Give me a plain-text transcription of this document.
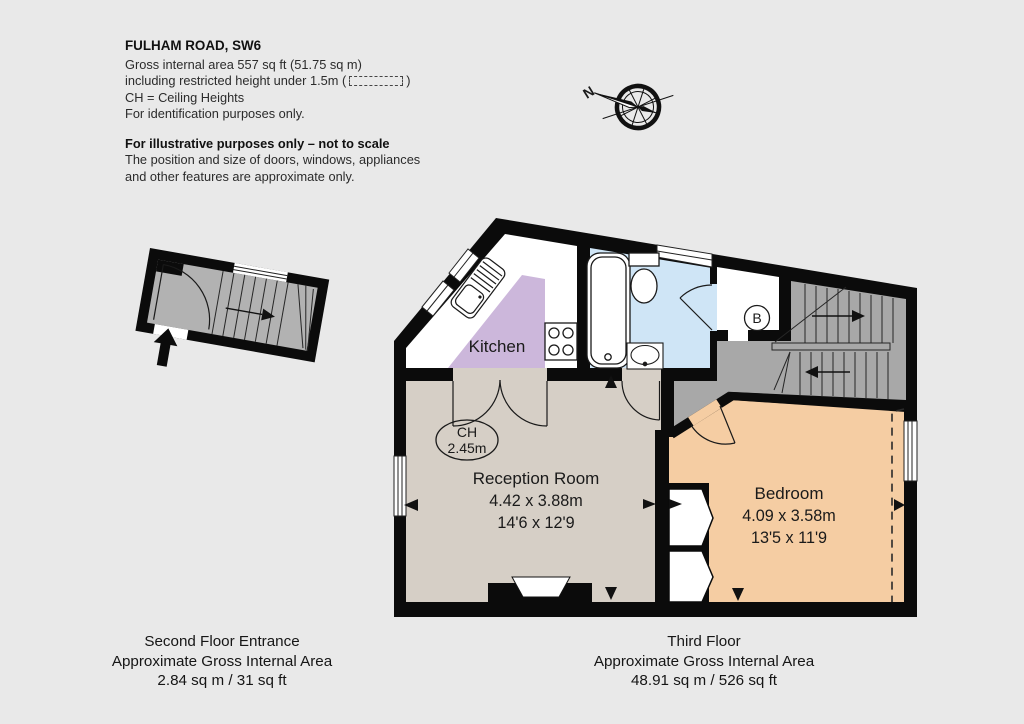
FULHAM ROAD, SW6
Gross internal area 557 sq ft (51.75 sq m)
including restricted height under 1.5m (	)
CH = Ceiling Heights
For identification purposes only.
For illustrative purposes only – not to scale
The position and size of doors, windows, appliances
and other features are approximate only.
N
Kitchen
CH
2.45m
Reception Room
4.42 x 3.88m
14'6 x 12'9
Bedroom
4.09 x 3.58m
13'5 x 11'9
B
Second Floor Entrance
Approximate Gross Internal Area
2.84 sq m / 31 sq ft
Third Floor
Approximate Gross Internal Area
48.91 sq m / 526 sq ft
